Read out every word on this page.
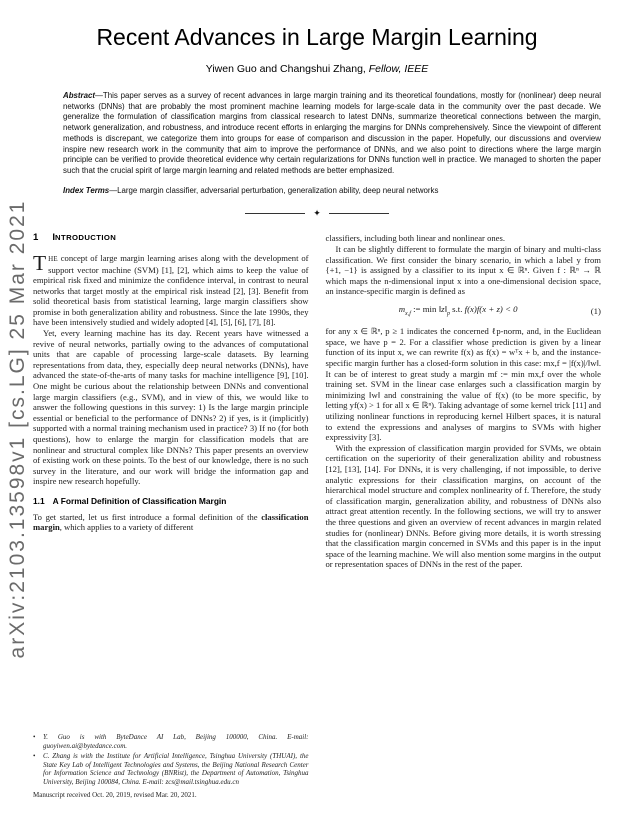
arXiv:2103.13598v1 [cs.LG] 25 Mar 2021
Recent Advances in Large Margin Learning
Yiwen Guo and Changshui Zhang, Fellow, IEEE
Abstract—This paper serves as a survey of recent advances in large margin training and its theoretical foundations, mostly for (nonlinear) deep neural networks (DNNs) that are probably the most prominent machine learning models for large-scale data in the community over the past decade. We generalize the formulation of classification margins from classical research to latest DNNs, summarize theoretical connections between the margin, network generalization, and robustness, and introduce recent efforts in enlarging the margins for DNNs comprehensively. Since the viewpoint of different methods is discrepant, we categorize them into groups for ease of comparison and discussion in the paper. Hopefully, our discussions and overview inspire new research work in the community that aim to improve the performance of DNNs, and we also point to directions where the large margin principle can be verified to provide theoretical evidence why certain regularizations for DNNs function well in practice. We managed to shorten the paper such that the crucial spirit of large margin learning and related methods are better emphasized.
Index Terms—Large margin classifier, adversarial perturbation, generalization ability, deep neural networks
✦
1 INTRODUCTION

THE concept of large margin learning arises along with the development of support vector machine (SVM) [1], [2], which aims to keep the value of empirical risk fixed and minimize the confidence interval, in contrast to neural networks that target mostly at the empirical risk instead [2], [3]. Benefit from solid theoretical basis from statistical learning, large margin classifiers show promise in both generalization ability and robustness. Since the late 1990s, they have been intensively studied and widely adopted [4], [5], [6], [7], [8].

Yet, every learning machine has its day. Recent years have witnessed a revive of neural networks, partially owing to the advances of computational units that are capable of processing large-scale datasets. By learning representations from data, they, especially deep neural networks (DNNs), have advanced the state-of-the-arts of many tasks for machine intelligence [9], [10]. One might be curious about the relationship between DNNs and conventional large margin classifiers (e.g., SVM), and in view of this, we would like to answer the following questions in this survey: 1) Is the large margin principle essential or beneficial to the performance of DNNs? 2) if yes, is it (implicitly) supported with a normal training mechanism used in practice? 3) If no (for both questions), how to enlarge the margin for classification models that are nonlinear and structural complex like DNNs? This paper presents an overview of existing work on these points. To the best of our knowledge, there is no such survey in the literature, and our work will bridge the information gap and inspire new research hopefully.

1.1 A Formal Definition of Classification Margin

To get started, let us first introduce a formal definition of the classification margin, which applies to a variety of different

•	Y. Guo is with ByteDance AI Lab, Beijing 100000, China. E-mail: guoyiwen.ai@bytedance.com.
•	C. Zhang is with the Institute for Artificial Intelligence, Tsinghua University (THUAI), the State Key Lab of Intelligent Technologies and Systems, the Beijing National Research Center for Information Science and Technology (BNRist), the Department of Automation, Tsinghua University, Beijing 100084, China. E-mail: zcs@mail.tsinghua.edu.cn
Manuscript received Oct. 20, 2019, revised Mar. 20, 2021.

classifiers, including both linear and nonlinear ones.

It can be slightly different to formulate the margin of binary and multi-class classification. We first consider the binary scenario, in which a label y from {+1, −1} is assigned by a classifier to its input x ∈ ℝⁿ. Given f : ℝⁿ → ℝ which maps the n-dimensional input x into a one-dimensional decision space, an instance-specific margin is defined as

$m_{x,f}$ := $\min ‖z‖_p$ s.t. f(x)f(x + z) < 0	(1)

for any x ∈ ℝⁿ, p ≥ 1 indicates the concerned ℓp-norm, and, in the Euclidean space, we have p = 2. For a classifier whose prediction is given by a linear function of its input x, we can rewrite f(x) as f(x) = wᵀx + b, and the instance-specific margin further has a closed-form solution in this case: mx,f = |f(x)|/‖w‖. It can be of interest to great study a margin mf := min mx,f over the whole training set. SVM in the linear case enlarges such a classification margin by minimizing ‖w‖ and constraining the value of f(x) (to be more specific, by letting yf(x) > 1 for all x ∈ ℝⁿ). Taking advantage of some kernel trick [11] and utilizing nonlinear functions in reproducing kernel Hilbert spaces, it is natural to extend the expressions and analyses of margins to SVMs with higher expressivity [3].

With the expression of classification margin provided for SVMs, we obtain certification on the superiority of their generalization ability and robustness [12], [13], [14]. For DNNs, it is very challenging, if not impossible, to derive analytic expressions for their classification margins, on account of the hierarchical model structure and complex nonlinearity of f. Therefore, the study of classification margin, generalization ability, and robustness of DNNs also attract great attention recently. In the following sections, we will try to answer the three questions and given an overview of recent advances in margin related studies for (nonlinear) DNNs. Before giving more details, it is worth stressing that the classification margin concerned in SVMs and this paper is in the input space of the learning machine. We will also mention some margins in the output or representation spaces of DNNs in the rest of the paper.
